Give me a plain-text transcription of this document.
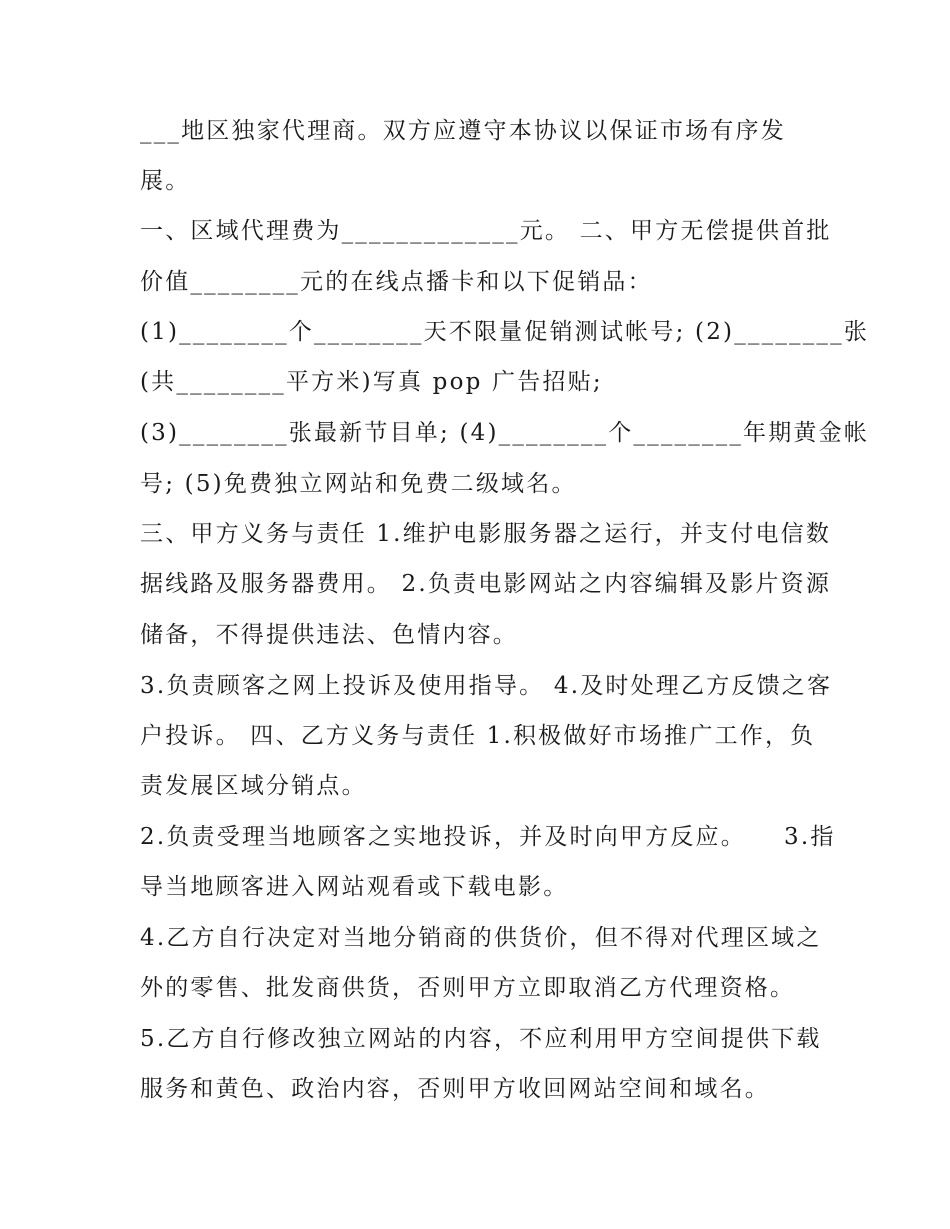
___地区独家代理商。双方应遵守本协议以保证市场有序发
展。
一、区域代理费为_____________元。 二、甲方无偿提供首批
价值________元的在线点播卡和以下促销品：
(1)________个________天不限量促销测试帐号; (2)________张
(共________平方米)写真 pop 广告招贴;
(3)________张最新节目单; (4)________个________年期黄金帐
号; (5)免费独立网站和免费二级域名。
三、甲方义务与责任 1.维护电影服务器之运行，并支付电信数
据线路及服务器费用。 2.负责电影网站之内容编辑及影片资源
储备，不得提供违法、色情内容。
3.负责顾客之网上投诉及使用指导。 4.及时处理乙方反馈之客
户投诉。 四、乙方义务与责任 1.积极做好市场推广工作，负
责发展区域分销点。
2.负责受理当地顾客之实地投诉，并及时向甲方反应。    3.指
导当地顾客进入网站观看或下载电影。
4.乙方自行决定对当地分销商的供货价，但不得对代理区域之
外的零售、批发商供货，否则甲方立即取消乙方代理资格。
5.乙方自行修改独立网站的内容，不应利用甲方空间提供下载
服务和黄色、政治内容，否则甲方收回网站空间和域名。
